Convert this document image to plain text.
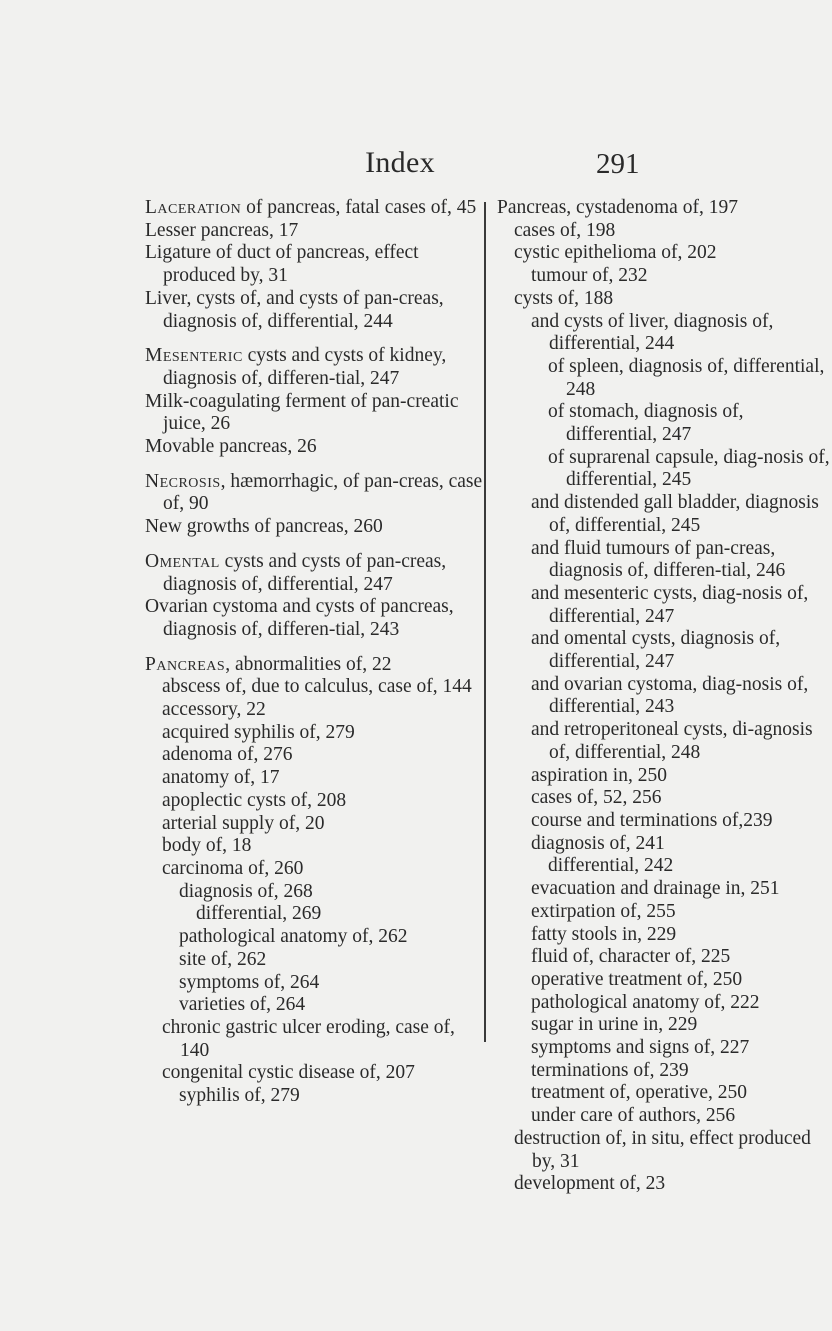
Index	291

Laceration of pancreas, fatal cases of, 45

Lesser pancreas, 17

Ligature of duct of pancreas, effect produced by, 31

Liver, cysts of, and cysts of pan-creas, diagnosis of, differential, 244

Mesenteric cysts and cysts of kidney, diagnosis of, differen-tial, 247

Milk-coagulating ferment of pan-creatic juice, 26

Movable pancreas, 26

Necrosis, hæmorrhagic, of pan-creas, case of, 90

New growths of pancreas, 260

Omental cysts and cysts of pan-creas, diagnosis of, differential, 247

Ovarian cystoma and cysts of pancreas, diagnosis of, differen-tial, 243

Pancreas, abnormalities of, 22

abscess of, due to calculus, case of, 144

accessory, 22

acquired syphilis of, 279

adenoma of, 276

anatomy of, 17

apoplectic cysts of, 208

arterial supply of, 20

body of, 18

carcinoma of, 260

diagnosis of, 268

differential, 269

pathological anatomy of, 262

site of, 262

symptoms of, 264

varieties of, 264

chronic gastric ulcer eroding, case of, 140

congenital cystic disease of, 207

syphilis of, 279

Pancreas, cystadenoma of, 197

cases of, 198

cystic epithelioma of, 202

tumour of, 232

cysts of, 188

and cysts of liver, diagnosis of, differential, 244

of spleen, diagnosis of, differential, 248

of stomach, diagnosis of, differential, 247

of suprarenal capsule, diag-nosis of, differential, 245

and distended gall bladder, diagnosis of, differential, 245

and fluid tumours of pan-creas, diagnosis of, differen-tial, 246

and mesenteric cysts, diag-nosis of, differential, 247

and omental cysts, diagnosis of, differential, 247

and ovarian cystoma, diag-nosis of, differential, 243

and retroperitoneal cysts, di-agnosis of, differential, 248

aspiration in, 250

cases of, 52, 256

course and terminations of,239

diagnosis of, 241

differential, 242

evacuation and drainage in, 251

extirpation of, 255

fatty stools in, 229

fluid of, character of, 225

operative treatment of, 250

pathological anatomy of, 222

sugar in urine in, 229

symptoms and signs of, 227

terminations of, 239

treatment of, operative, 250

under care of authors, 256

destruction of, in situ, effect produced by, 31

development of, 23
